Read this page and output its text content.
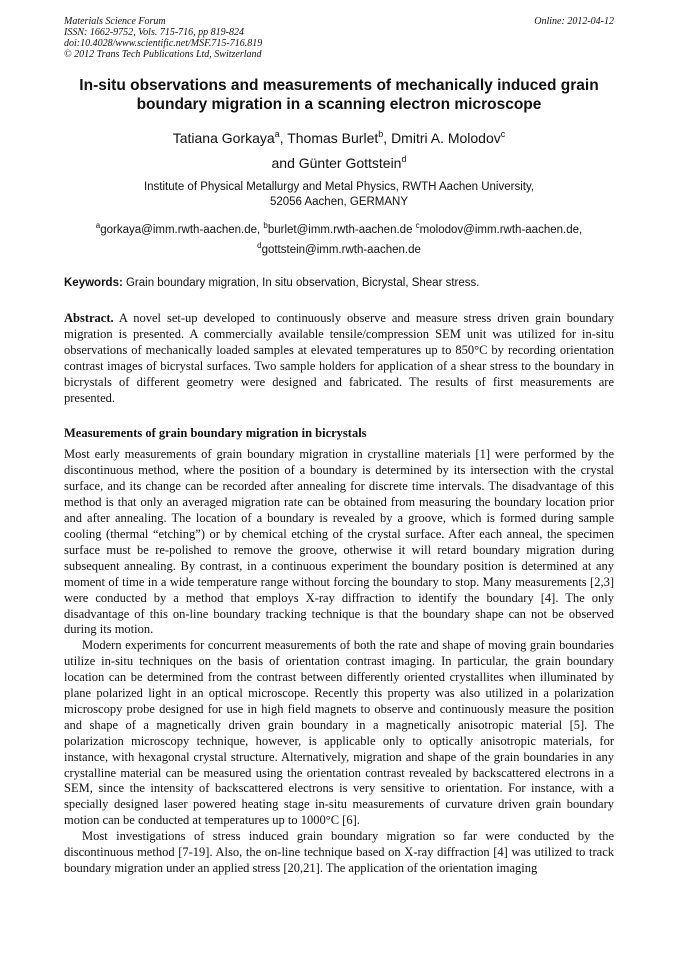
Materials Science Forum
ISSN: 1662-9752, Vols. 715-716, pp 819-824
doi:10.4028/www.scientific.net/MSF.715-716.819
© 2012 Trans Tech Publications Ltd, Switzerland
Online: 2012-04-12
In-situ observations and measurements of mechanically induced grain boundary migration in a scanning electron microscope
Tatiana Gorkaya$^a$, Thomas Burlet$^b$, Dmitri A. Molodov$^c$
and Günter Gottstein$^d$
Institute of Physical Metallurgy and Metal Physics, RWTH Aachen University,
52056 Aachen, GERMANY
$^a$gorkaya@imm.rwth-aachen.de, $^b$burlet@imm.rwth-aachen.de $^c$molodov@imm.rwth-aachen.de,
$^d$gottstein@imm.rwth-aachen.de
Keywords: Grain boundary migration, In situ observation, Bicrystal, Shear stress.
Abstract. A novel set-up developed to continuously observe and measure stress driven grain boundary migration is presented. A commercially available tensile/compression SEM unit was utilized for in-situ observations of mechanically loaded samples at elevated temperatures up to 850°C by recording orientation contrast images of bicrystal surfaces. Two sample holders for application of a shear stress to the boundary in bicrystals of different geometry were designed and fabricated. The results of first measurements are presented.
Measurements of grain boundary migration in bicrystals

Most early measurements of grain boundary migration in crystalline materials [1] were performed by the discontinuous method, where the position of a boundary is determined by its intersection with the crystal surface, and its change can be recorded after annealing for discrete time intervals. The disadvantage of this method is that only an averaged migration rate can be obtained from measuring the boundary location prior and after annealing. The location of a boundary is revealed by a groove, which is formed during sample cooling (thermal “etching”) or by chemical etching of the crystal surface. After each anneal, the specimen surface must be re-polished to remove the groove, otherwise it will retard boundary migration during subsequent annealing. By contrast, in a continuous experiment the boundary position is determined at any moment of time in a wide temperature range without forcing the boundary to stop. Many measurements [2,3] were conducted by a method that employs X-ray diffraction to identify the boundary [4]. The only disadvantage of this on-line boundary tracking technique is that the boundary shape can not be observed during its motion.

Modern experiments for concurrent measurements of both the rate and shape of moving grain boundaries utilize in-situ techniques on the basis of orientation contrast imaging. In particular, the grain boundary location can be determined from the contrast between differently oriented crystallites when illuminated by plane polarized light in an optical microscope. Recently this property was also utilized in a polarization microscopy probe designed for use in high field magnets to observe and continuously measure the position and shape of a magnetically driven grain boundary in a magnetically anisotropic material [5]. The polarization microscopy technique, however, is applicable only to optically anisotropic materials, for instance, with hexagonal crystal structure. Alternatively, migration and shape of the grain boundaries in any crystalline material can be measured using the orientation contrast revealed by backscattered electrons in a SEM, since the intensity of backscattered electrons is very sensitive to orientation. For instance, with a specially designed laser powered heating stage in-situ measurements of curvature driven grain boundary motion can be conducted at temperatures up to 1000°C [6].

Most investigations of stress induced grain boundary migration so far were conducted by the discontinuous method [7-19]. Also, the on-line technique based on X-ray diffraction [4] was utilized to track boundary migration under an applied stress [20,21]. The application of the orientation imaging
